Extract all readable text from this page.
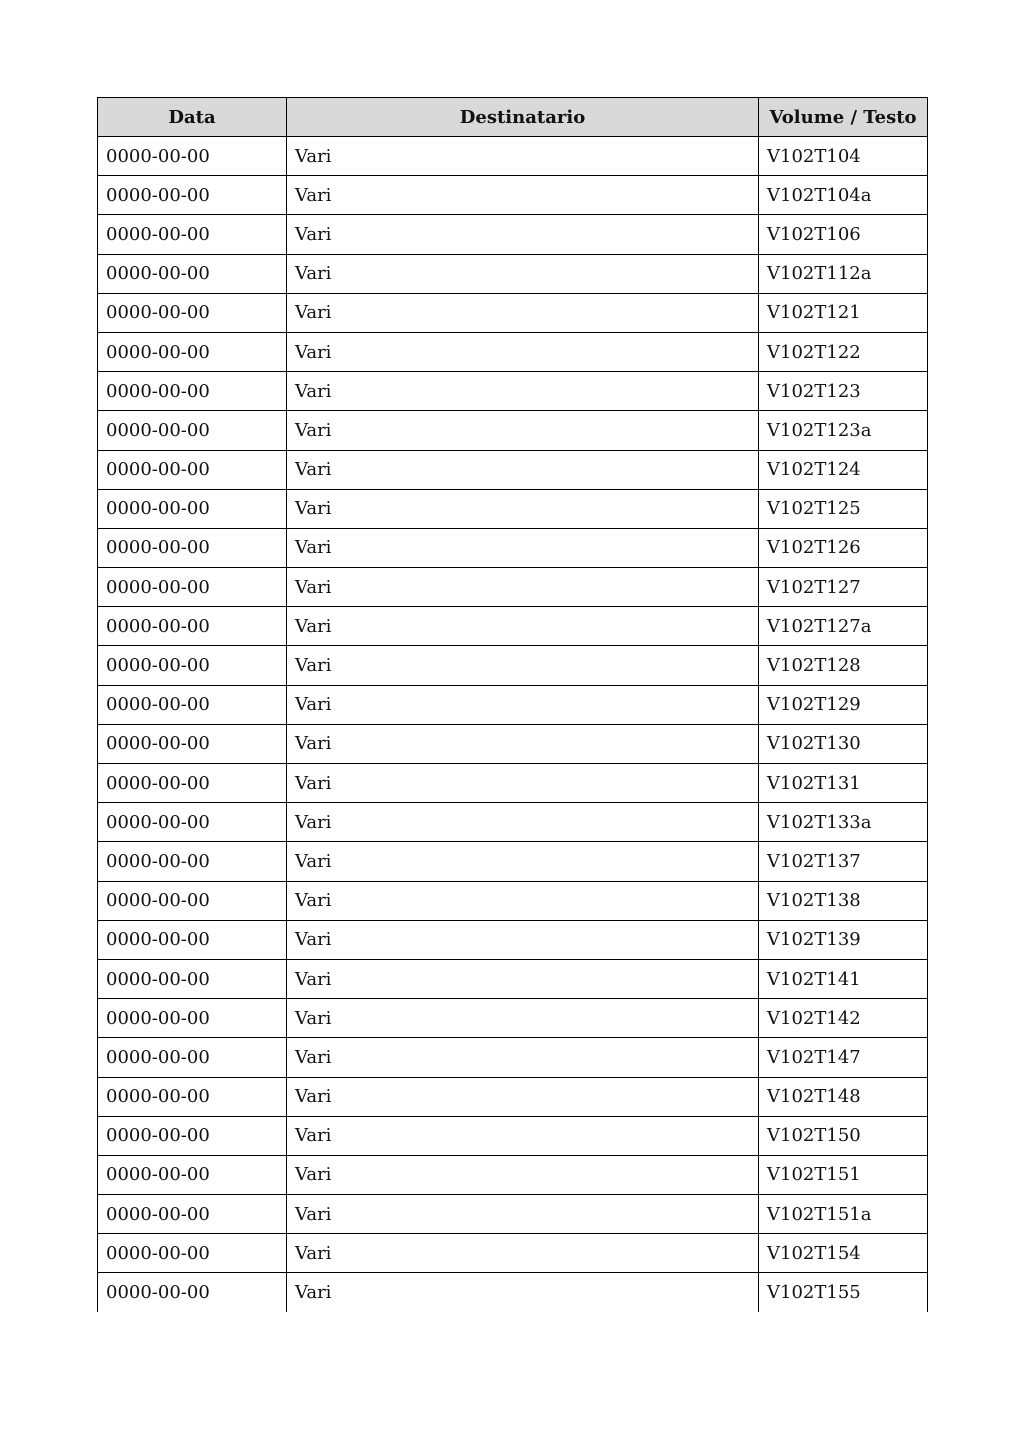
Data	Destinatario	Volume / Testo
0000-00-00	Vari	V102T104
0000-00-00	Vari	V102T104a
0000-00-00	Vari	V102T106
0000-00-00	Vari	V102T112a
0000-00-00	Vari	V102T121
0000-00-00	Vari	V102T122
0000-00-00	Vari	V102T123
0000-00-00	Vari	V102T123a
0000-00-00	Vari	V102T124
0000-00-00	Vari	V102T125
0000-00-00	Vari	V102T126
0000-00-00	Vari	V102T127
0000-00-00	Vari	V102T127a
0000-00-00	Vari	V102T128
0000-00-00	Vari	V102T129
0000-00-00	Vari	V102T130
0000-00-00	Vari	V102T131
0000-00-00	Vari	V102T133a
0000-00-00	Vari	V102T137
0000-00-00	Vari	V102T138
0000-00-00	Vari	V102T139
0000-00-00	Vari	V102T141
0000-00-00	Vari	V102T142
0000-00-00	Vari	V102T147
0000-00-00	Vari	V102T148
0000-00-00	Vari	V102T150
0000-00-00	Vari	V102T151
0000-00-00	Vari	V102T151a
0000-00-00	Vari	V102T154
0000-00-00	Vari	V102T155
